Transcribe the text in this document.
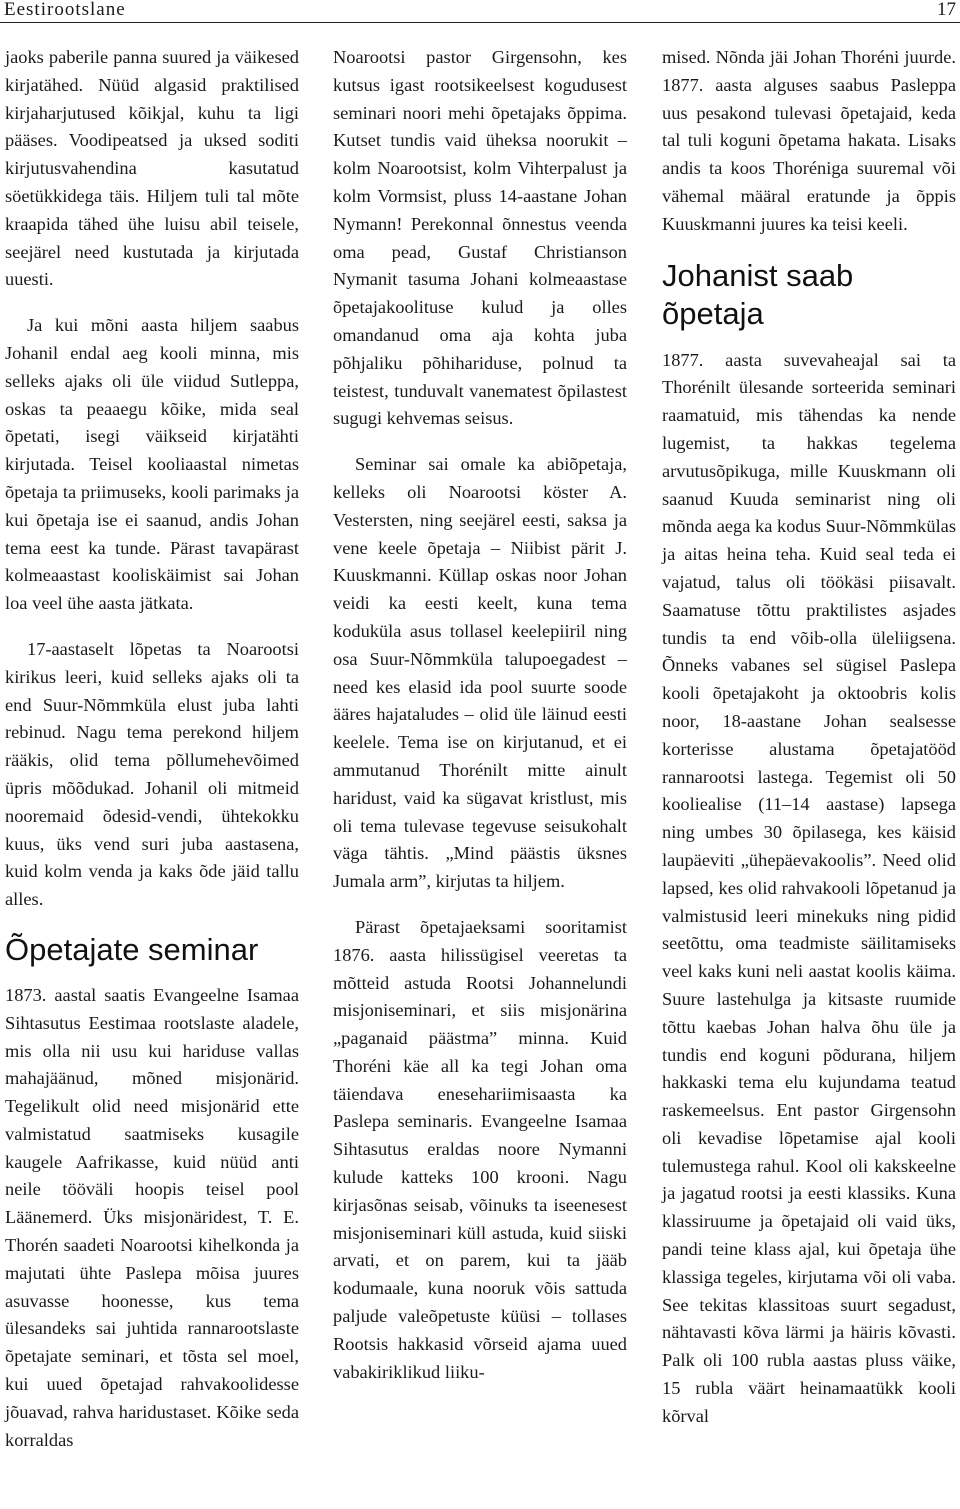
Eestirootslane	17

jaoks paberile panna suured ja väikesed kirjatähed. Nüüd algasid praktilised kirjaharjutused kõikjal, kuhu ta ligi pääses. Voodipeatsed ja uksed soditi kirjutusvahendina kasutatud söetükkidega täis. Hiljem tuli tal mõte kraapida tähed ühe luisu abil teisele, seejärel need kustutada ja kirjutada uuesti.

Ja kui mõni aasta hiljem saabus Johanil endal aeg kooli minna, mis selleks ajaks oli üle viidud Sutleppa, oskas ta peaaegu kõike, mida seal õpetati, isegi väikseid kirjatähti kirjutada. Teisel kooliaastal nimetas õpetaja ta priimuseks, kooli parimaks ja kui õpetaja ise ei saanud, andis Johan tema eest ka tunde. Pärast tavapärast kolmeaastast kooliskäimist sai Johan loa veel ühe aasta jätkata.

17-aastaselt lõpetas ta Noarootsi kirikus leeri, kuid selleks ajaks oli ta end Suur-Nõmmküla elust juba lahti rebinud. Nagu tema perekond hiljem rääkis, olid tema põllumehevõimed üpris mõõdukad. Johanil oli mitmeid nooremaid õdesid-vendi, ühtekokku kuus, üks vend suri juba aastasena, kuid kolm venda ja kaks õde jäid tallu alles.

Õpetajate seminar

1873. aastal saatis Evangeelne Isamaa Sihtasutus Eestimaa rootslaste aladele, mis olla nii usu kui hariduse vallas mahajäänud, mõned misjonärid. Tegelikult olid need misjonärid ette valmistatud saatmiseks kusagile kaugele Aafrikasse, kuid nüüd anti neile tööväli hoopis teisel pool Läänemerd. Üks misjonäridest, T. E. Thorén saadeti Noarootsi kihelkonda ja majutati ühte Paslepa mõisa juures asuvasse hoonesse, kus tema ülesandeks sai juhtida rannarootslaste õpetajate seminari, et tõsta sel moel, kui uued õpetajad rahvakoolidesse jõuavad, rahva haridustaset. Kõike seda korraldas

Noarootsi pastor Girgensohn, kes kutsus igast rootsikeelsest kogudusest seminari noori mehi õpetajaks õppima. Kutset tundis vaid üheksa noorukit – kolm Noarootsist, kolm Vihterpalust ja kolm Vormsist, pluss 14-aastane Johan Nymann! Perekonnal õnnestus veenda oma pead, Gustaf Christianson Nymanit tasuma Johani kolmeaastase õpetajakoolituse kulud ja olles omandanud oma aja kohta juba põhjaliku põhihariduse, polnud ta teistest, tunduvalt vanematest õpilastest sugugi kehvemas seisus.

Seminar sai omale ka abiõpetaja, kelleks oli Noarootsi köster A. Vestersten, ning seejärel eesti, saksa ja vene keele õpetaja – Niibist pärit J. Kuuskmanni. Küllap oskas noor Johan veidi ka eesti keelt, kuna tema koduküla asus tollasel keelepiiril ning osa Suur-Nõmmküla talupoegadest – need kes elasid ida pool suurte soode ääres hajataludes – olid üle läinud eesti keelele. Tema ise on kirjutanud, et ei ammutanud Thorénilt mitte ainult haridust, vaid ka sügavat kristlust, mis oli tema tulevase tegevuse seisukohalt väga tähtis. „Mind päästis üksnes Jumala arm”, kirjutas ta hiljem.

Pärast õpetajaeksami sooritamist 1876. aasta hilissügisel veeretas ta mõtteid astuda Rootsi Johannelundi misjoniseminari, et siis misjonärina „paganaid päästma” minna. Kuid Thoréni käe all ka tegi Johan oma täiendava enesehariimisaasta ka Paslepa seminaris. Evangeelne Isamaa Sihtasutus eraldas noore Nymanni kulude katteks 100 krooni. Nagu kirjasõnas seisab, võinuks ta iseenesest misjoniseminari küll astuda, kuid siiski arvati, et on parem, kui ta jääb kodumaale, kuna nooruk võis sattuda paljude valeõpetuste küüsi – tollases Rootsis hakkasid võrseid ajama uued vabakiriklikud liiku-

mised. Nõnda jäi Johan Thoréni juurde. 1877. aasta alguses saabus Pasleppa uus pesakond tulevasi õpetajaid, keda tal tuli koguni õpetama hakata. Lisaks andis ta koos Thoréniga suuremal või vähemal määral eratunde ja õppis Kuuskmanni juures ka teisi keeli.

Johanist saab õpetaja

1877. aasta suvevaheajal sai ta Thorénilt ülesande sorteerida seminari raamatuid, mis tähendas ka nende lugemist, ta hakkas tegelema arvutusõpikuga, mille Kuuskmann oli saanud Kuuda seminarist ning oli mõnda aega ka kodus Suur-Nõmmkülas ja aitas heina teha. Kuid seal teda ei vajatud, talus oli töökäsi piisavalt. Saamatuse tõttu praktilistes asjades tundis ta end võib-olla üleliigsena. Õnneks vabanes sel sügisel Paslepa kooli õpetajakoht ja oktoobris kolis noor, 18-aastane Johan sealsesse korterisse alustama õpetajatööd rannarootsi lastega. Tegemist oli 50 kooliealise (11–14 aastase) lapsega ning umbes 30 õpilasega, kes käisid laupäeviti „ühepäevakoolis”. Need olid lapsed, kes olid rahvakooli lõpetanud ja valmistusid leeri minekuks ning pidid seetõttu, oma teadmiste säilitamiseks veel kaks kuni neli aastat koolis käima. Suure lastehulga ja kitsaste ruumide tõttu kaebas Johan halva õhu üle ja tundis end koguni põdurana, hiljem hakkaski tema elu kujundama teatud raskemeelsus. Ent pastor Girgensohn oli kevadise lõpetamise ajal kooli tulemustega rahul. Kool oli kakskeelne ja jagatud rootsi ja eesti klassiks. Kuna klassiruume ja õpetajaid oli vaid üks, pandi teine klass ajal, kui õpetaja ühe klassiga tegeles, kirjutama või oli vaba. See tekitas klassitoas suurt segadust, nähtavasti kõva lärmi ja häiris kõvasti. Palk oli 100 rubla aastas pluss väike, 15 rubla väärt heinamaatükk kooli kõrval
